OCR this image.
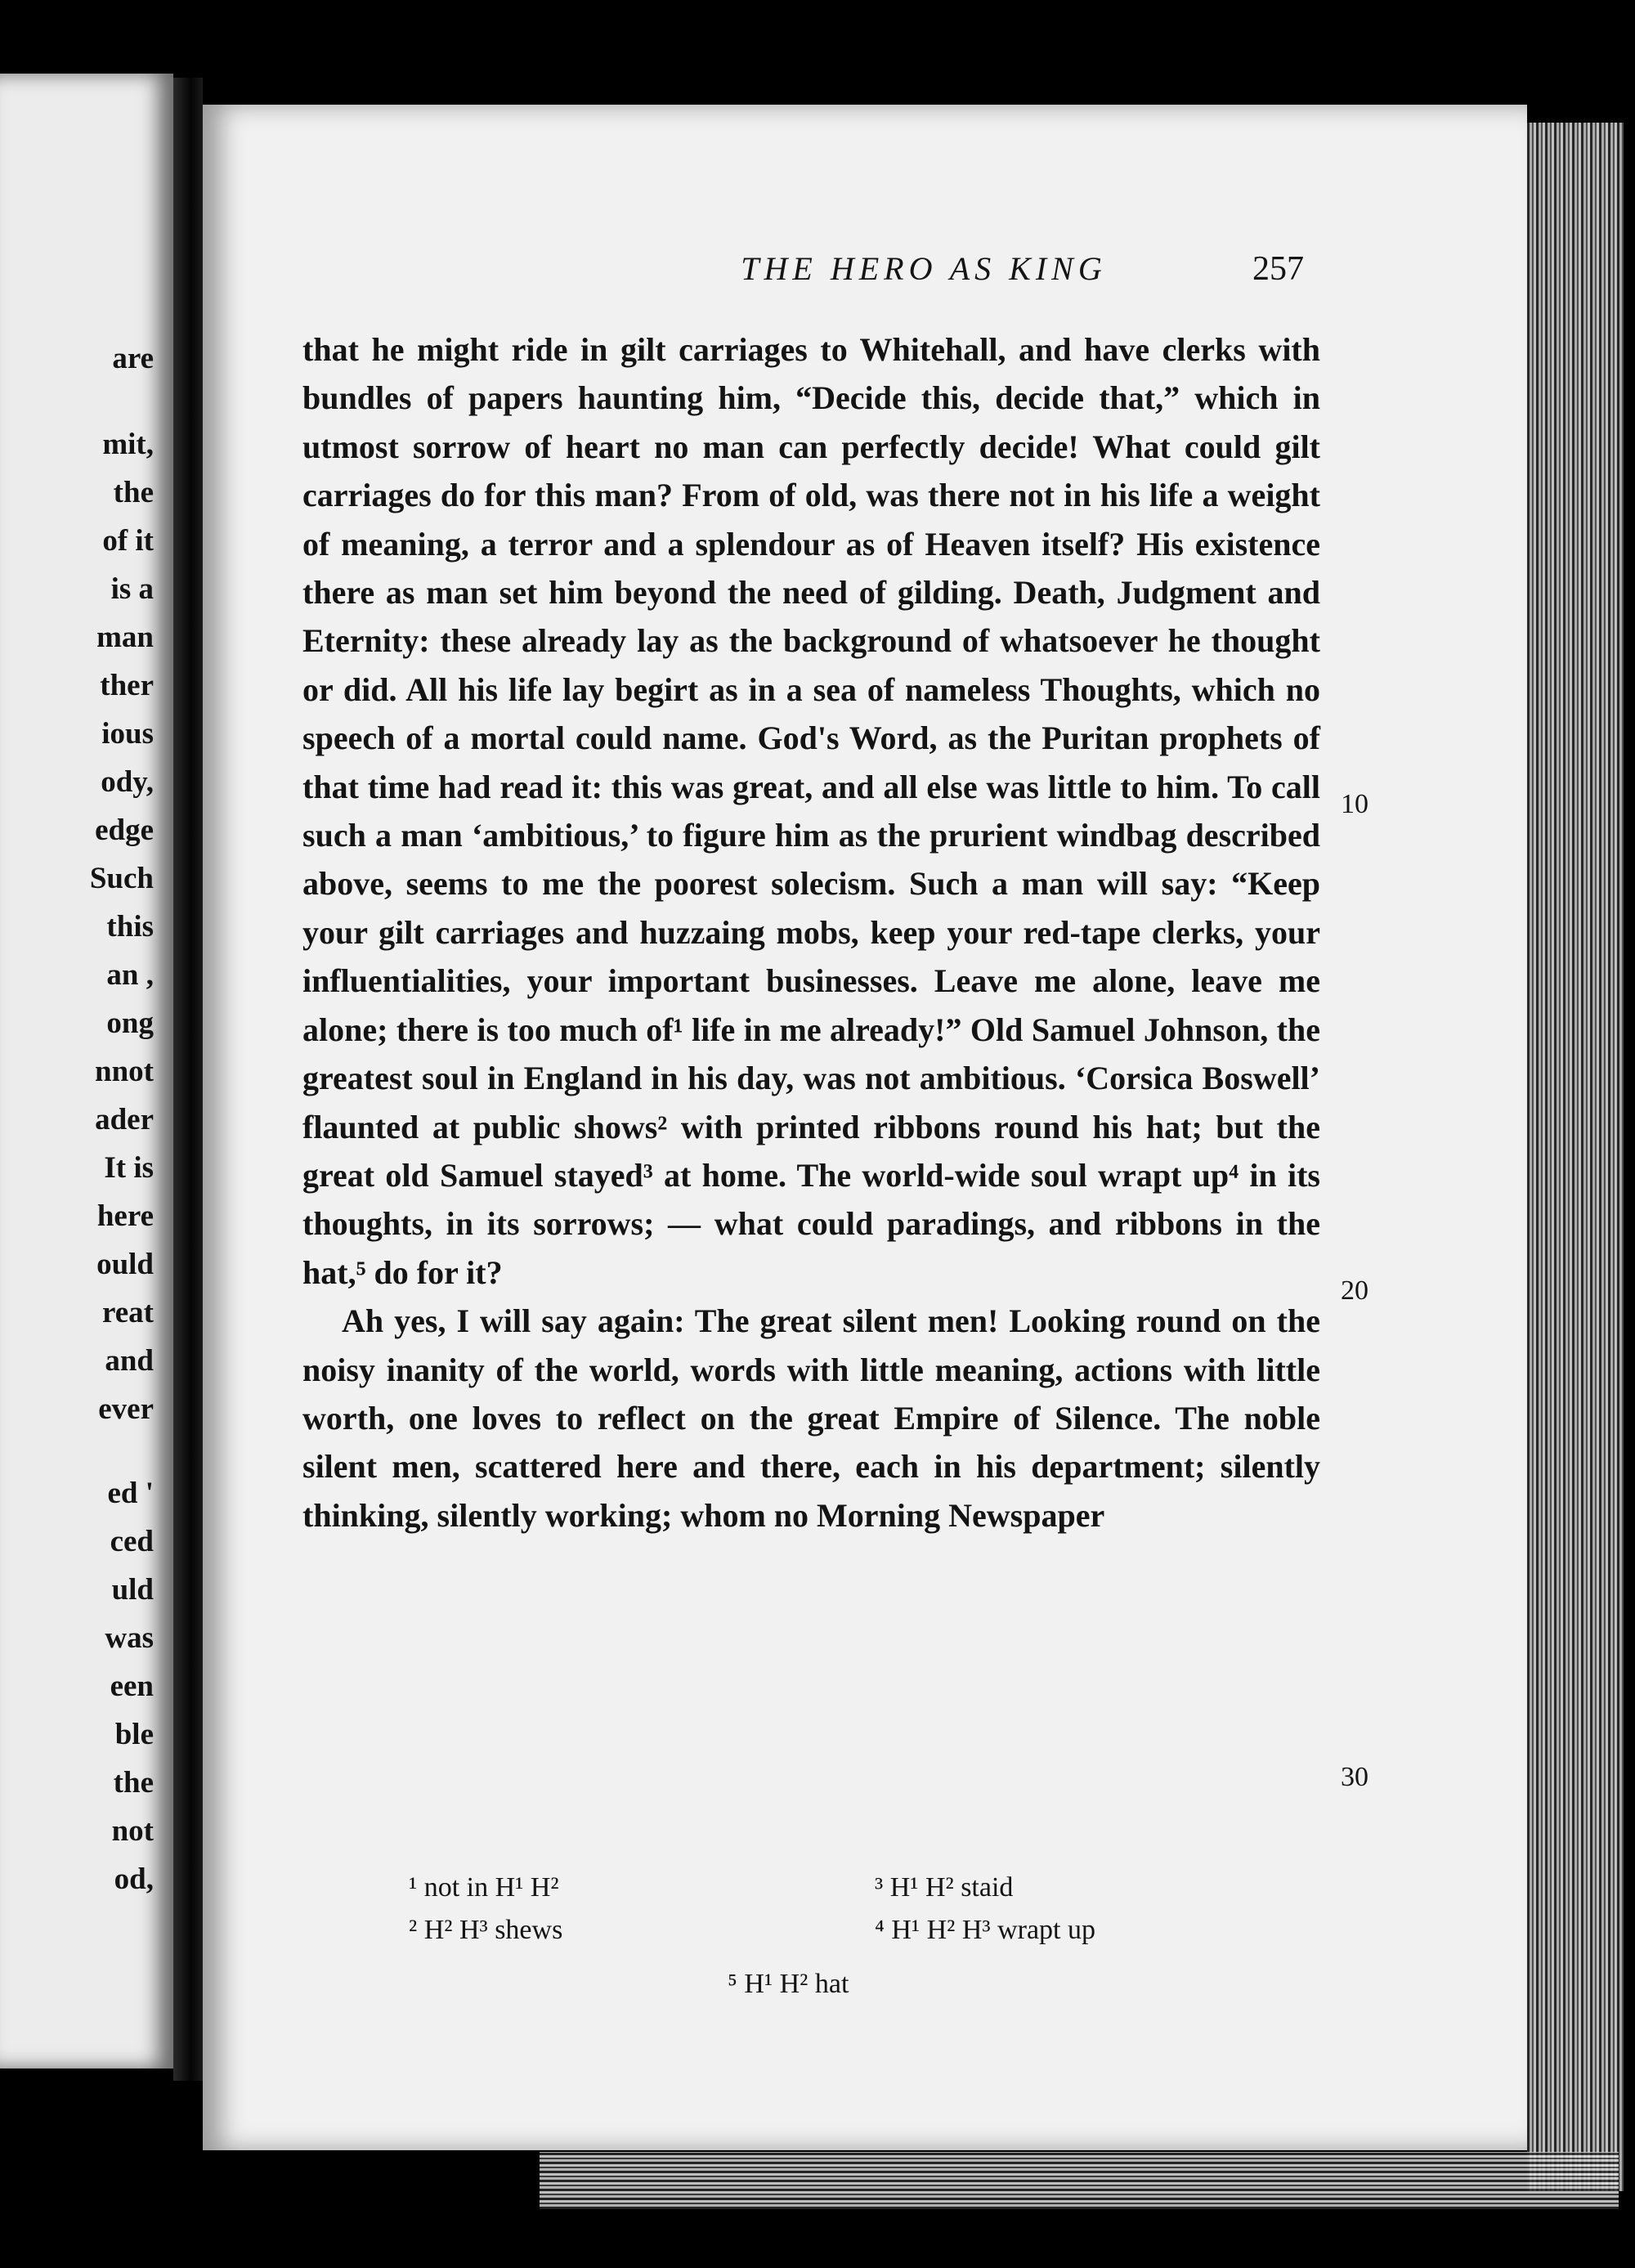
are
mit,
the
of it
is a
man
ther
ious
ody,
edge
Such
this
an ,
ong
nnot
ader
It is
here
ould
reat
and
ever
ed '
ced
uld
was
een
ble
the
not
od,
THE HERO AS KING	257

that he might ride in gilt carriages to Whitehall, and have clerks with bundles of papers haunting him, “Decide this, decide that,” which in utmost sorrow of heart no man can perfectly decide! What could gilt carriages do for this man? From of old, was there not in his life a weight of meaning, a terror and a splendour as of Heaven itself? His existence there as man set him beyond the need of gilding. Death, Judgment and Eternity: these already lay as the background of whatsoever he thought or did. All his life lay begirt as in a sea of nameless Thoughts, which no speech of a mortal could name. God's Word, as the Puritan prophets of that time had read it: this was great, and all else was little to him. To call such a man ‘ambitious,’ to figure him as the prurient windbag described above, seems to me the poorest solecism. Such a man will say: “Keep your gilt carriages and huzzaing mobs, keep your red-tape clerks, your influentialities, your important businesses. Leave me alone, leave me alone; there is too much of¹ life in me already!” Old Samuel Johnson, the greatest soul in England in his day, was not ambitious. ‘Corsica Boswell’ flaunted at public shows² with printed ribbons round his hat; but the great old Samuel stayed³ at home. The world-wide soul wrapt up⁴ in its thoughts, in its sorrows; — what could paradings, and ribbons in the hat,⁵ do for it?

Ah yes, I will say again: The great silent men! Looking round on the noisy inanity of the world, words with little meaning, actions with little worth, one loves to reflect on the great Empire of Silence. The noble silent men, scattered here and there, each in his department; silently thinking, silently working; whom no Morning Newspaper

10
20
30
¹ not in H¹ H²
² H² H³ shews
³ H¹ H² staid
⁴ H¹ H² H³ wrapt up
⁵ H¹ H² hat
